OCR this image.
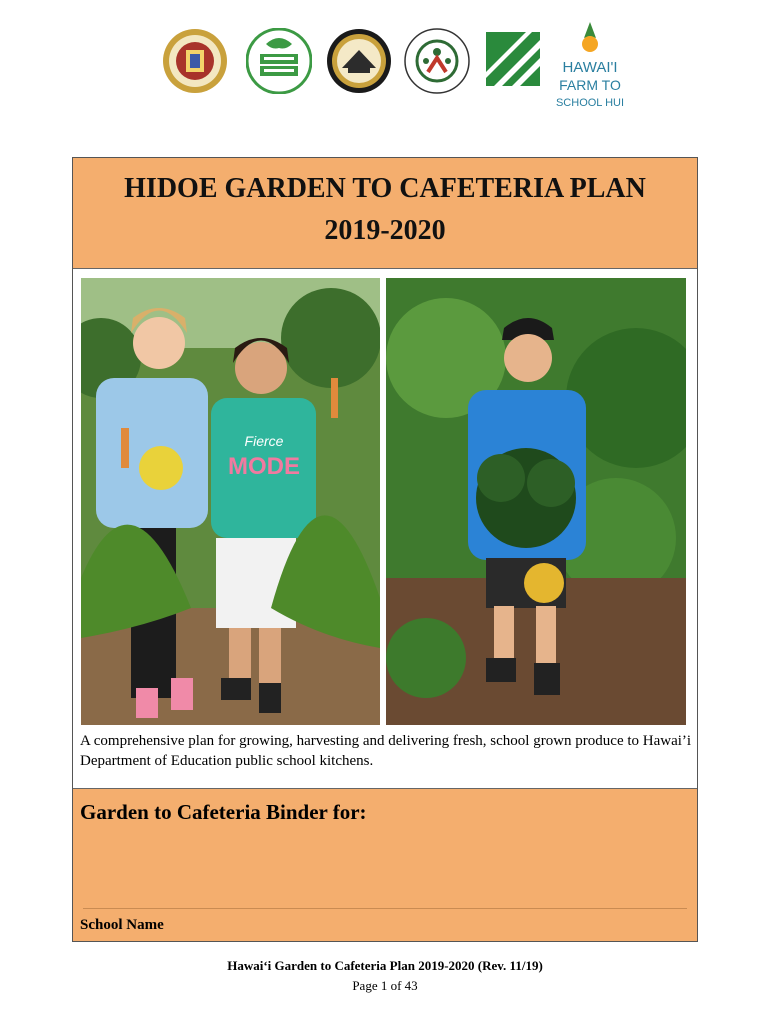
HAWAI'I
FARM TO
SCHOOL HUI
HIDOE GARDEN TO CAFETERIA PLAN
2019-2020
Fierce
MODE

A comprehensive plan for growing, harvesting and delivering fresh, school grown produce to Hawai’i Department of Education public school kitchens.

Garden to Cafeteria Binder for:
School Name
Hawai‘i Garden to Cafeteria Plan 2019-2020 (Rev. 11/19)
Page 1 of 43
